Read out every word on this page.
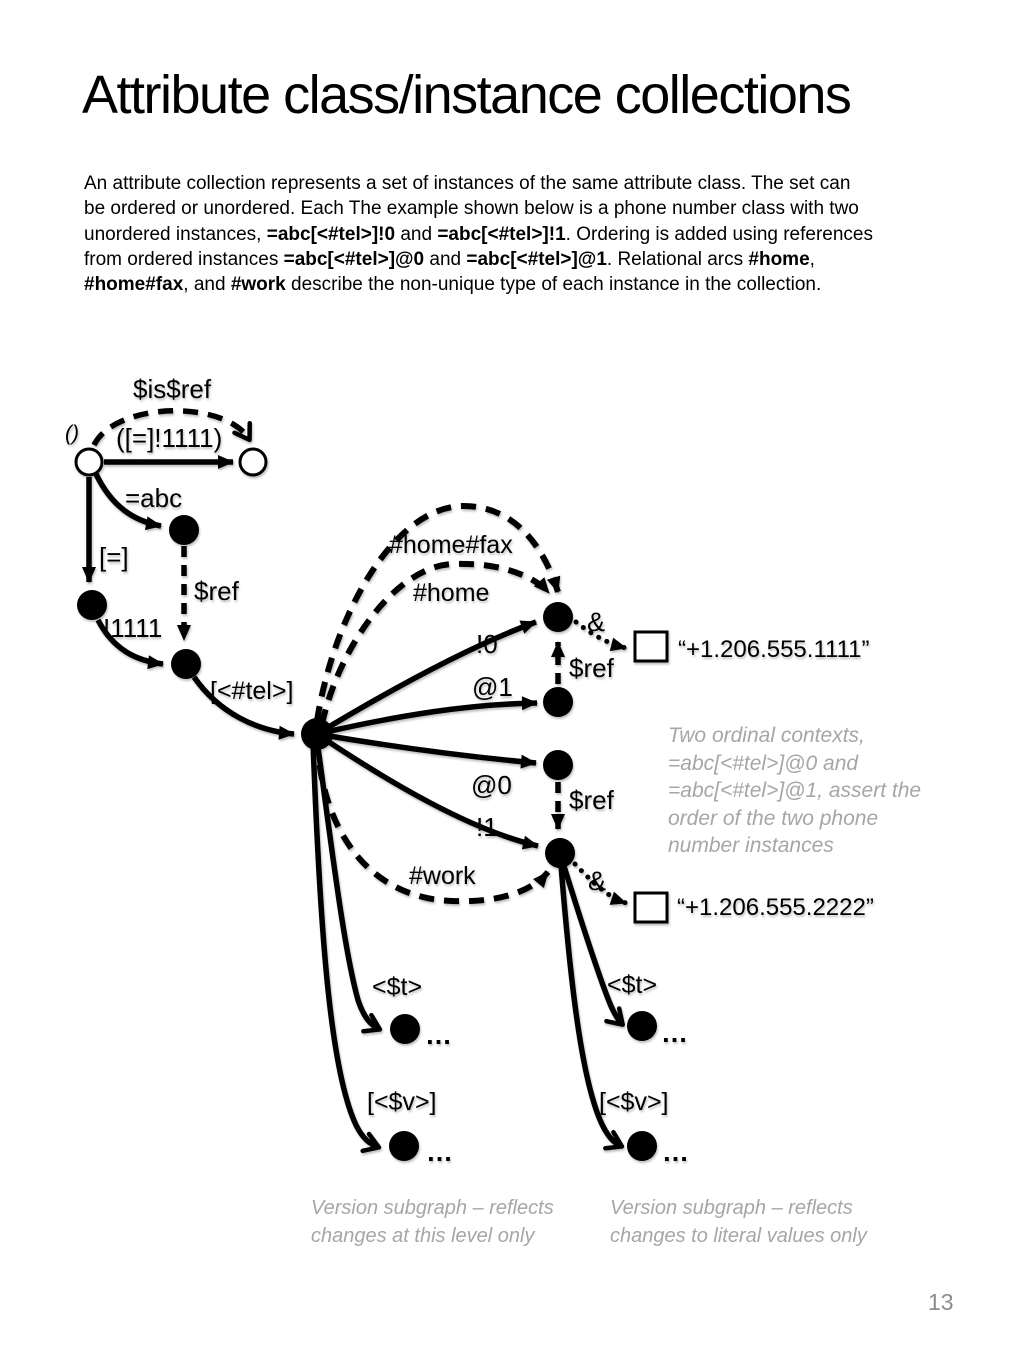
Attribute class/instance collections
An attribute collection represents a set of instances of the same attribute class. The set can
be ordered or unordered. Each The example shown below is a phone number class with two
unordered instances, =abc[<#tel>]!0 and =abc[<#tel>]!1. Ordering is added using references
from ordered instances =abc[<#tel>]@0 and =abc[<#tel>]@1. Relational arcs #home,
#home#fax, and #work describe the non-unique type of each instance in the collection.
$is$ref
() ([=]!1111)
=abc
[=]
$ref
!1111
[<#tel>]
#home#fax
#home
!0
&
$ref
@1
@0 $ref
!1
#work	&
“+1.206.555.1111”
“+1.206.555.2222”
<$t>	<$t>
[<$v>]	[<$v>]
…	…
…	…
Two ordinal contexts,
=abc[<#tel>]@0 and
=abc[<#tel>]@1, assert the
order of the two phone
number instances
Version subgraph – reflects
changes at this level only
Version subgraph – reflects
changes to literal values only
13
